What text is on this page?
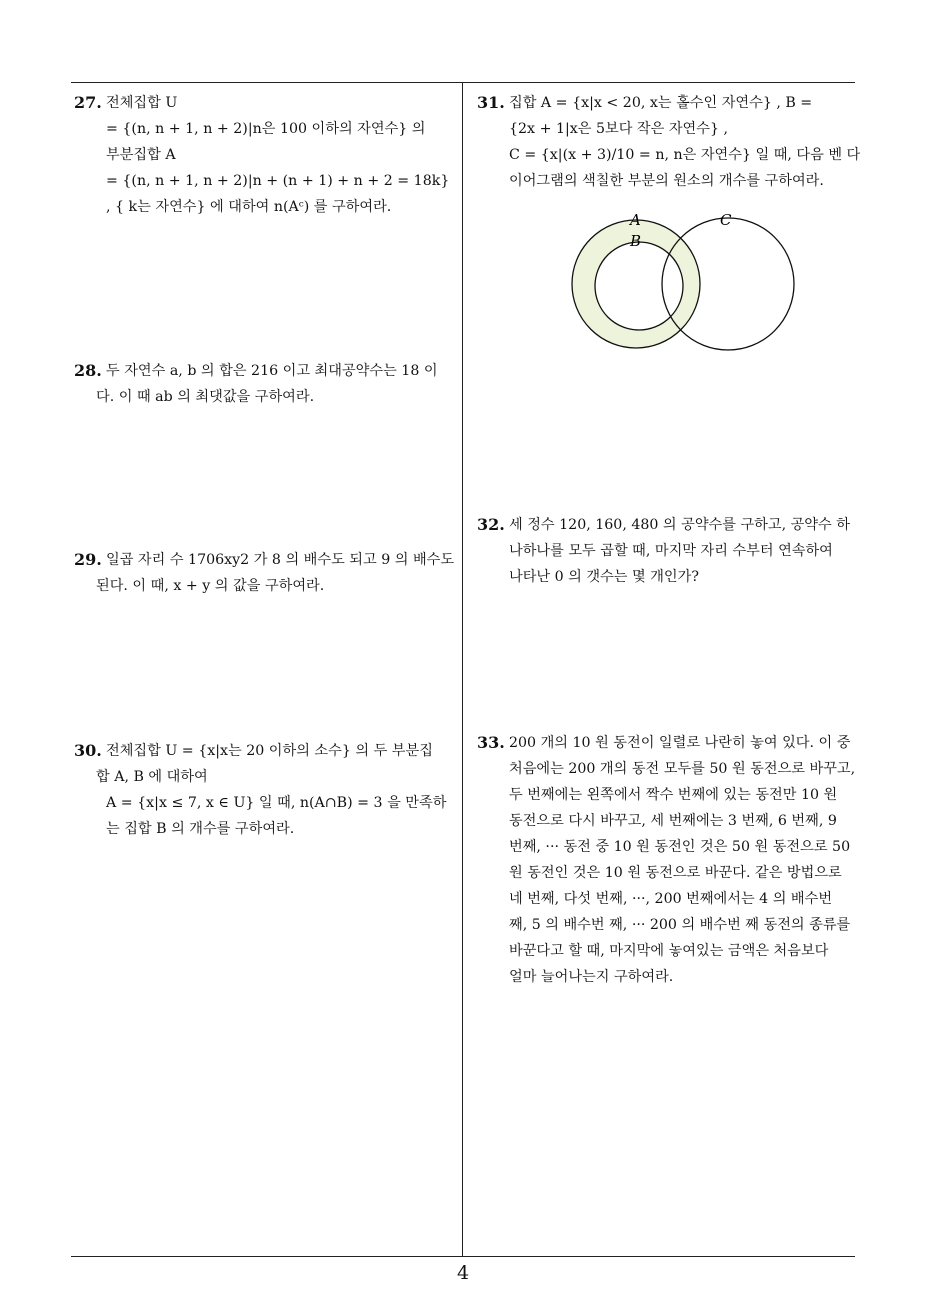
27. 전체집합 U
= {(n, n + 1, n + 2)|n은 100 이하의 자연수} 의
부분집합 A
= {(n, n + 1, n + 2)|n + (n + 1) + n + 2 = 18k}
, { k는 자연수} 에 대하여 n(Aᶜ) 를 구하여라.
28. 두 자연수 a, b 의 합은 216 이고 최대공약수는 18 이
다. 이 때 ab 의 최댓값을 구하여라.
29. 일곱 자리 수 1706xy2 가 8 의 배수도 되고 9 의 배수도
된다. 이 때, x + y 의 값을 구하여라.
30. 전체집합 U = {x|x는 20 이하의 소수} 의 두 부분집
합 A, B 에 대하여
A = {x|x ≤ 7, x ∈ U} 일 때, n(A∩B) = 3 을 만족하
는 집합 B 의 개수를 구하여라.
31. 집합 A = {x|x < 20, x는 홀수인 자연수} , B =
{2x + 1|x은 5보다 작은 자연수} ,
C = {x|(x + 3)/10 = n, n은 자연수} 일 때, 다음 벤 다
이어그램의 색칠한 부분의 원소의 개수를 구하여라.
A
B
C
32. 세 정수 120, 160, 480 의 공약수를 구하고, 공약수 하
나하나를 모두 곱할 때, 마지막 자리 수부터 연속하여
나타난 0 의 갯수는 몇 개인가?
33. 200 개의 10 원 동전이 일렬로 나란히 놓여 있다. 이 중
처음에는 200 개의 동전 모두를 50 원 동전으로 바꾸고,
두 번째에는 왼쪽에서 짝수 번째에 있는 동전만 10 원
동전으로 다시 바꾸고, 세 번째에는 3 번째, 6 번째, 9
번째, ··· 동전 중 10 원 동전인 것은 50 원 동전으로 50
원 동전인 것은 10 원 동전으로 바꾼다. 같은 방법으로
네 번째, 다섯 번째, ···, 200 번째에서는 4 의 배수번
째, 5 의 배수번 째, ··· 200 의 배수번 째 동전의 종류를
바꾼다고 할 때, 마지막에 놓여있는 금액은 처음보다
얼마 늘어나는지 구하여라.
4
